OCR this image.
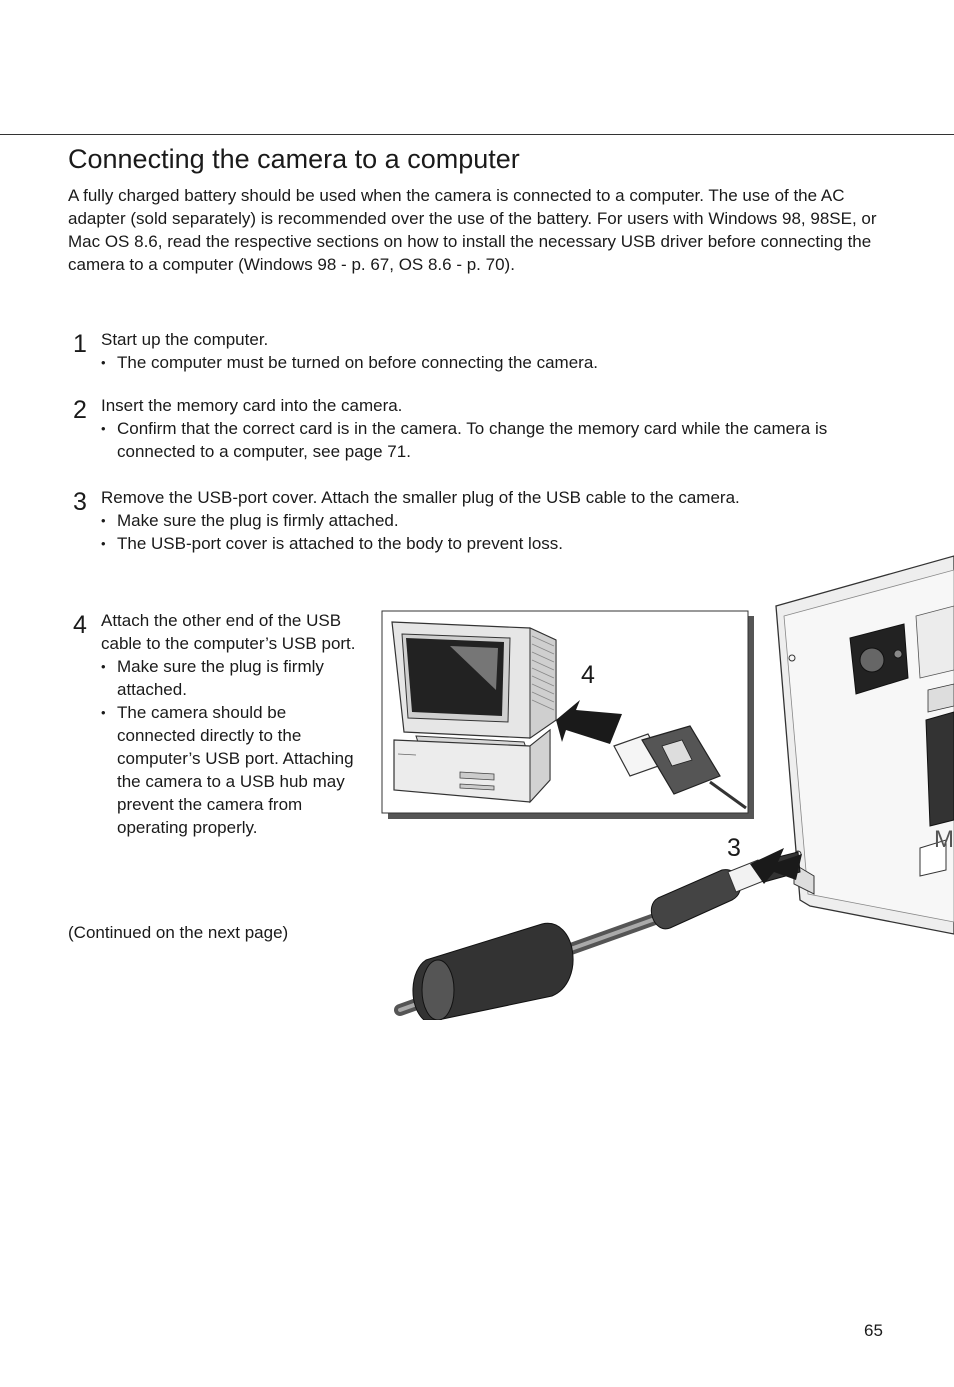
Connecting the camera to a computer

A fully charged battery should be used when the camera is connected to a computer. The use of the AC adapter (sold separately) is recommended over the use of the battery. For users with Windows 98, 98SE, or Mac OS 8.6, read the respective sections on how to install the necessary USB driver before connecting the camera to a computer (Windows 98 - p. 67, OS 8.6 - p. 70).

1 Start up the computer.

• The computer must be turned on before connecting the camera.

2 Insert the memory card into the camera.

• Confirm that the correct card is in the camera. To change the memory card while the camera is connected to a computer, see page 71.

3 Remove the USB-port cover. Attach the smaller plug of the USB cable to the camera.

• Make sure the plug is firmly attached.

• The USB-port cover is attached to the body to prevent loss.

4 Attach the other end of the USB cable to the computer’s USB port.

• Make sure the plug is firmly attached.

• The camera should be connected directly to the computer’s USB port. Attaching the camera to a USB hub may prevent the camera from operating properly.

(Continued on the next page)

4
3	M
65
